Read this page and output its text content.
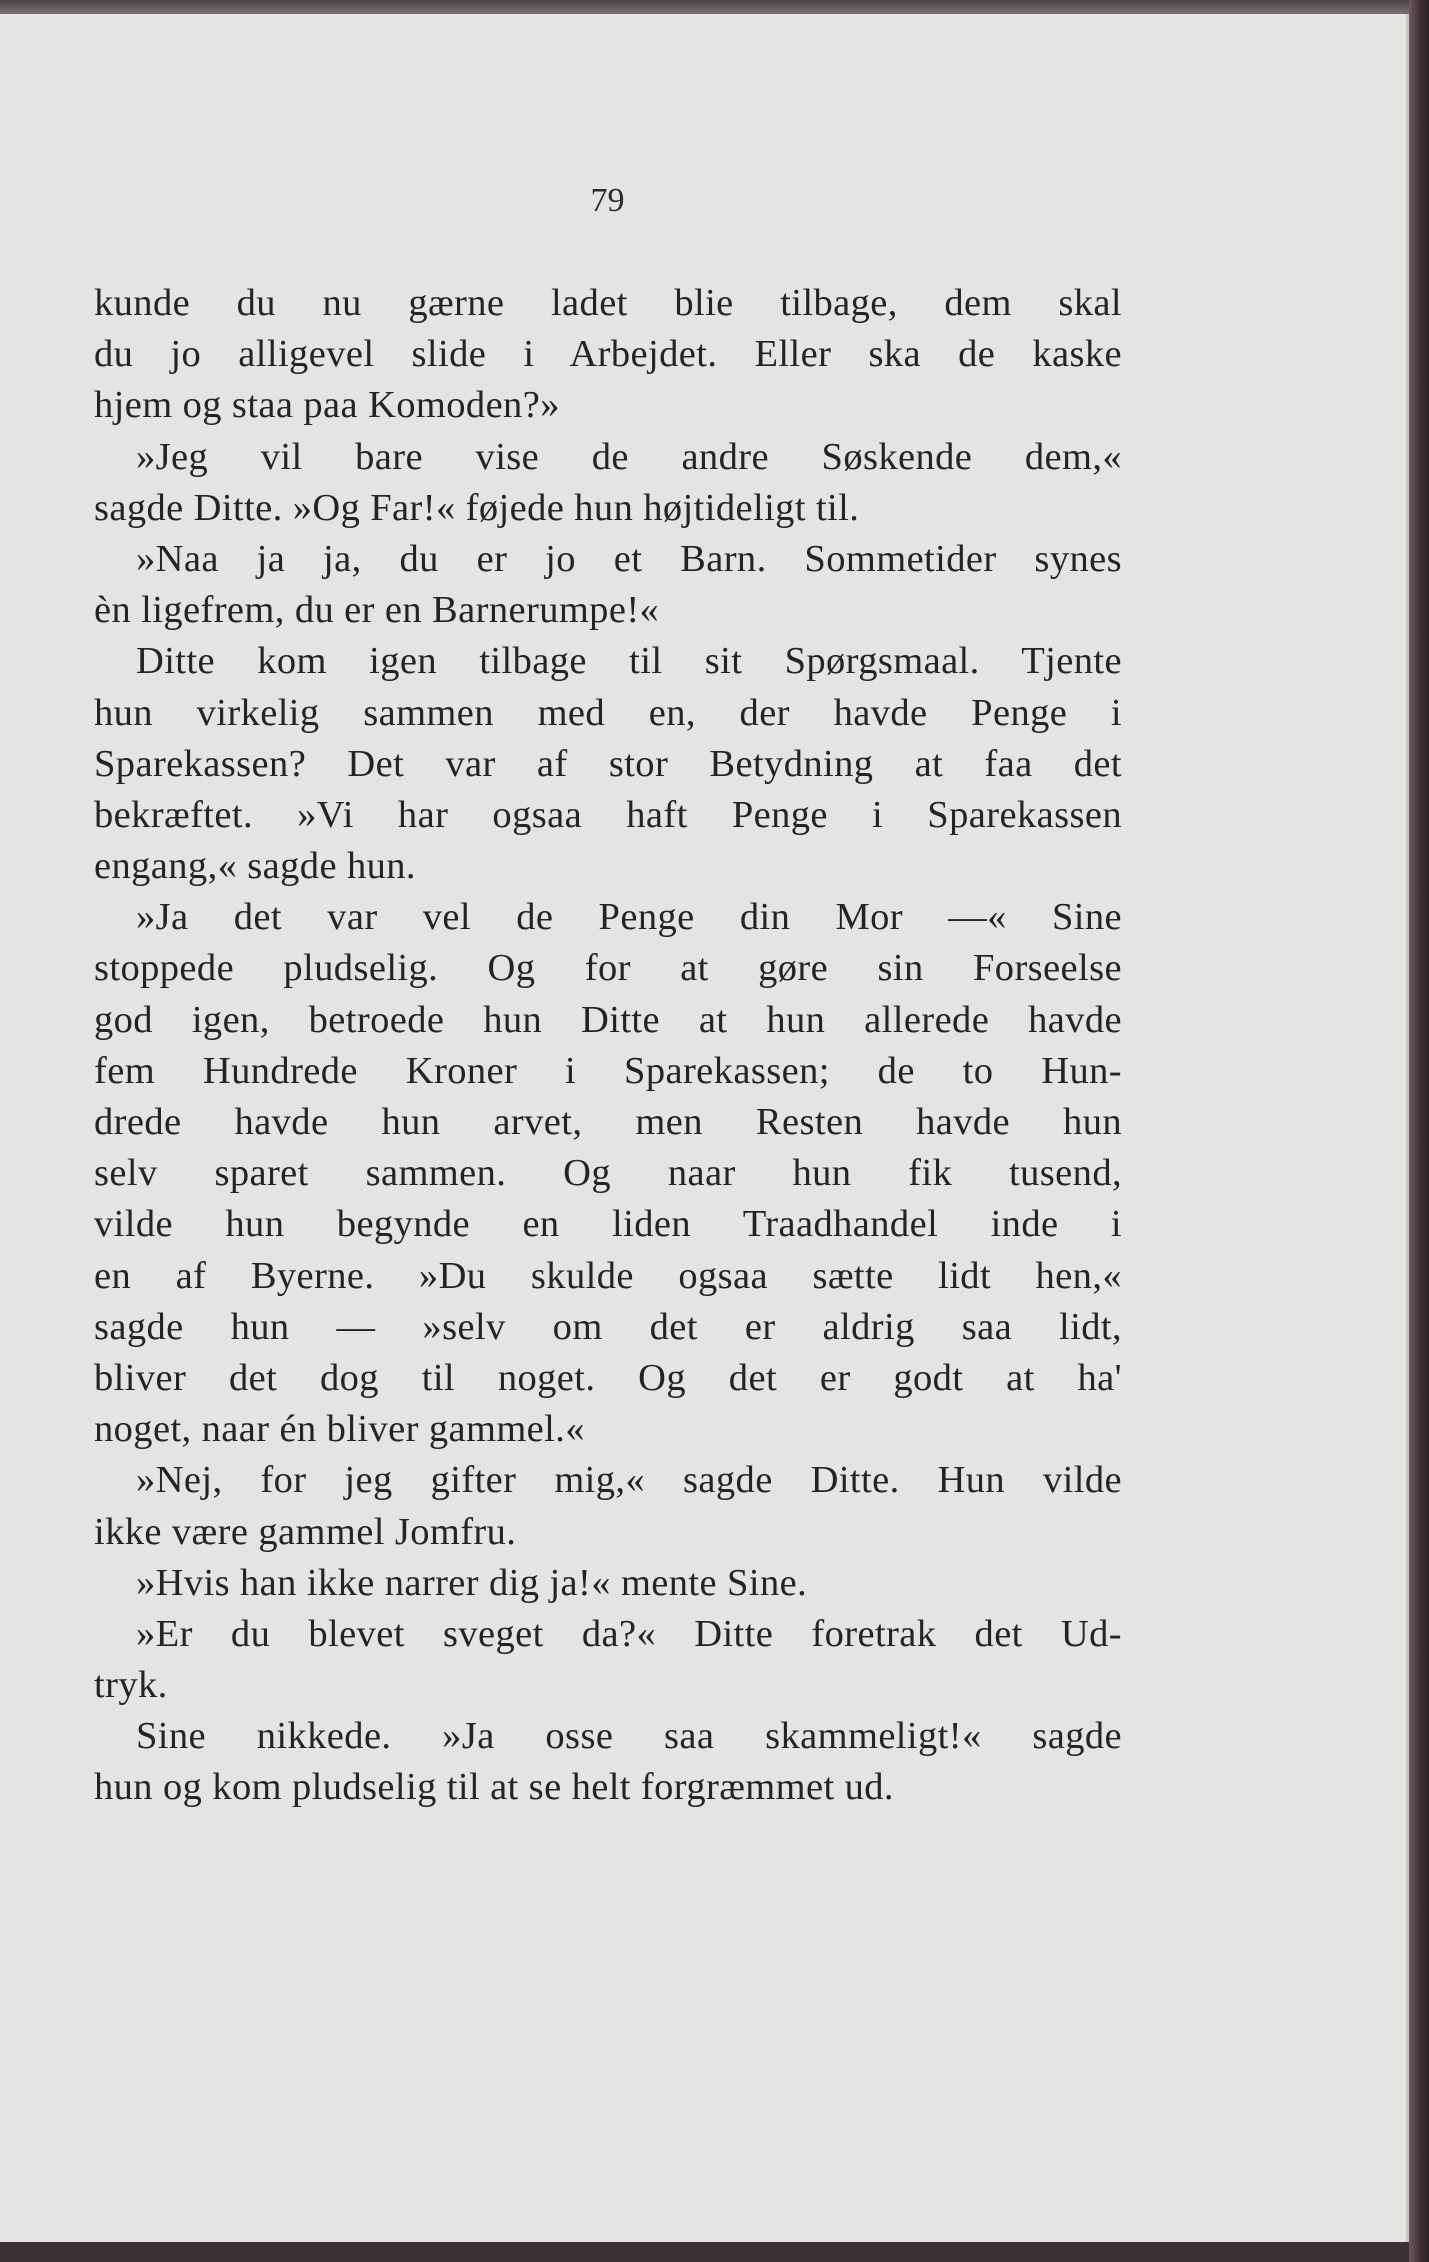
79
kunde du nu gærne ladet blie tilbage, dem skal
du jo alligevel slide i Arbejdet. Eller ska de kaske
hjem og staa paa Komoden?»
»Jeg vil bare vise de andre Søskende dem,«
sagde Ditte. »Og Far!« føjede hun højtideligt til.
»Naa ja ja, du er jo et Barn. Sommetider synes
èn ligefrem, du er en Barnerumpe!«
Ditte kom igen tilbage til sit Spørgsmaal. Tjente
hun virkelig sammen med en, der havde Penge i
Sparekassen? Det var af stor Betydning at faa det
bekræftet. »Vi har ogsaa haft Penge i Sparekassen
engang,« sagde hun.
»Ja det var vel de Penge din Mor —« Sine
stoppede pludselig. Og for at gøre sin Forseelse
god igen, betroede hun Ditte at hun allerede havde
fem Hundrede Kroner i Sparekassen; de to Hun-
drede havde hun arvet, men Resten havde hun
selv sparet sammen. Og naar hun fik tusend,
vilde hun begynde en liden Traadhandel inde i
en af Byerne. »Du skulde ogsaa sætte lidt hen,«
sagde hun — »selv om det er aldrig saa lidt,
bliver det dog til noget. Og det er godt at ha'
noget, naar én bliver gammel.«
»Nej, for jeg gifter mig,« sagde Ditte. Hun vilde
ikke være gammel Jomfru.
»Hvis han ikke narrer dig ja!« mente Sine.
»Er du blevet sveget da?« Ditte foretrak det Ud-
tryk.
Sine nikkede. »Ja osse saa skammeligt!« sagde
hun og kom pludselig til at se helt forgræmmet ud.
